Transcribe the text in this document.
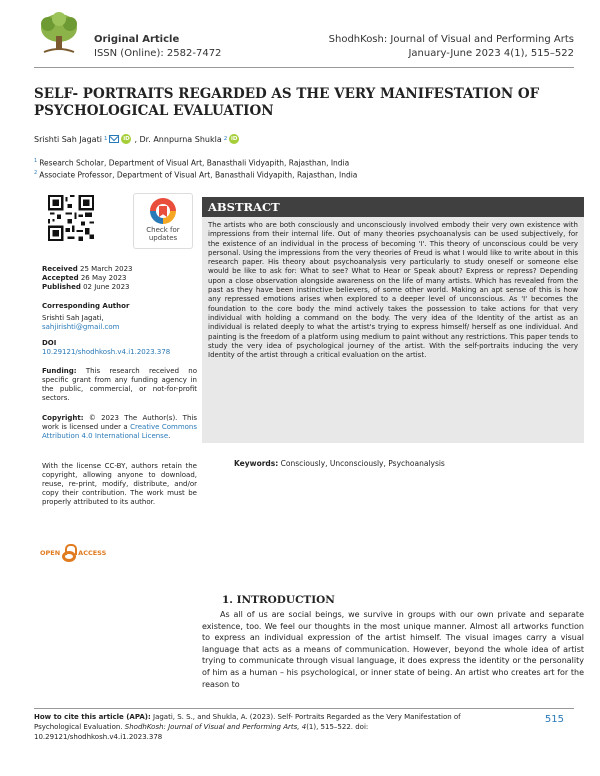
Original Article
ISSN (Online): 2582-7472
ShodhKosh: Journal of Visual and Performing Arts
January-June 2023 4(1), 515–522
SELF- PORTRAITS REGARDED AS THE VERY MANIFESTATION OF PSYCHOLOGICAL EVALUATION
Srishti Sah Jagati 1	iD , Dr. Annpurna Shukla 2 iD
$^1$ Research Scholar, Department of Visual Art, Banasthali Vidyapith, Rajasthan, India
$^2$ Associate Professor, Department of Visual Art, Banasthali Vidyapith, Rajasthan, India
Check for
updates
Received 25 March 2023
Accepted 26 May 2023
Published 02 June 2023
Corresponding Author
Srishti Sah Jagati,
sahjirishti@gmail.com
DOI
10.29121/shodhkosh.v4.i1.2023.378
Funding: This research received no specific grant from any funding agency in the public, commercial, or not-for-profit sectors.
Copyright: © 2023 The Author(s). This work is licensed under a Creative Commons Attribution 4.0 International License.
With the license CC-BY, authors retain the copyright, allowing anyone to download, reuse, re-print, modify, distribute, and/or copy their contribution. The work must be properly attributed to its author.
OPEN	ACCESS
ABSTRACT
The artists who are both consciously and unconsciously involved embody their very own existence with impressions from their internal life. Out of many theories psychoanalysis can be used subjectively, for the existence of an individual in the process of becoming 'I'. This theory of unconscious could be very personal. Using the impressions from the very theories of Freud is what I would like to write about in this research paper. His theory about psychoanalysis very particularly to study oneself or someone else would be like to ask for: What to see? What to Hear or Speak about? Express or repress? Depending upon a close observation alongside awareness on the life of many artists. Which has revealed from the past as they have been instinctive believers, of some other world. Making an apt sense of this is how any repressed emotions arises when explored to a deeper level of unconscious. As 'I' becomes the foundation to the core body the mind actively takes the possession to take actions for that very individual with holding a command on the body. The very idea of the Identity of the artist as an individual is related deeply to what the artist's trying to express himself/ herself as one individual. And painting is the freedom of a platform using medium to paint without any restrictions. This paper tends to study the very idea of psychological journey of the artist. With the self-portraits inducing the very Identity of the artist through a critical evaluation on the artist.
Keywords: Consciously, Unconsciously, Psychoanalysis
1. INTRODUCTION
As all of us are social beings, we survive in groups with our own private and separate existence, too. We feel our thoughts in the most unique manner. Almost all artworks function to express an individual expression of the artist himself. The visual images carry a visual language that acts as a means of communication. However, beyond the whole idea of artist trying to communicate through visual language, it does express the identity or the personality of him as a human – his psychological, or inner state of being. An artist who creates art for the reason to
How to cite this article (APA): Jagati, S. S., and Shukla, A. (2023). Self- Portraits Regarded as the Very Manifestation of Psychological Evaluation. ShodhKosh: Journal of Visual and Performing Arts, 4(1), 515–522. doi: 10.29121/shodhkosh.v4.i1.2023.378
515
